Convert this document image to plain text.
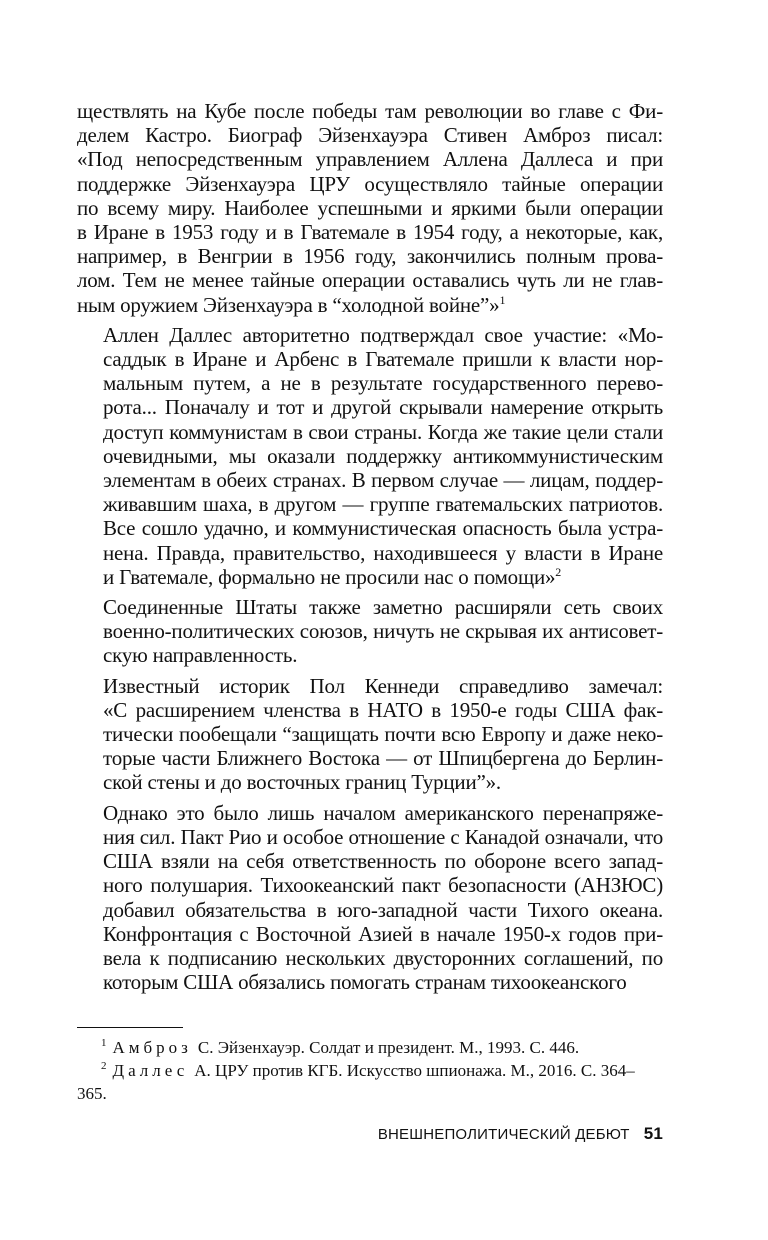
ществлять на Кубе после победы там революции во главе с Фи-
делем Кастро. Биограф Эйзенхауэра Стивен Амброз писал:
«Под непосредственным управлением Аллена Даллеса и при
поддержке Эйзенхауэра ЦРУ осуществляло тайные операции
по всему миру. Наиболее успешными и яркими были операции
в Иране в 1953 году и в Гватемале в 1954 году, а некоторые, как,
например, в Венгрии в 1956 году, закончились полным прова-
лом. Тем не менее тайные операции оставались чуть ли не глав-
ным оружием Эйзенхауэра в “холодной войне”»$^1$

Аллен Даллес авторитетно подтверждал свое участие: «Мо-
саддык в Иране и Арбенс в Гватемале пришли к власти нор-
мальным путем, а не в результате государственного перево-
рота... Поначалу и тот и другой скрывали намерение открыть
доступ коммунистам в свои страны. Когда же такие цели стали
очевидными, мы оказали поддержку антикоммунистическим
элементам в обеих странах. В первом случае — лицам, поддер-
живавшим шаха, в другом — группе гватемальских патриотов.
Все сошло удачно, и коммунистическая опасность была устра-
нена. Правда, правительство, находившееся у власти в Иране
и Гватемале, формально не просили нас о помощи»$^2$

Соединенные Штаты также заметно расширяли сеть своих
военно-политических союзов, ничуть не скрывая их антисовет-
скую направленность.

Известный историк Пол Кеннеди справедливо замечал:
«С расширением членства в НАТО в 1950-е годы США фак-
тически пообещали “защищать почти всю Европу и даже неко-
торые части Ближнего Востока — от Шпицбергена до Берлин-
ской стены и до восточных границ Турции”».

Однако это было лишь началом американского перенапряже-
ния сил. Пакт Рио и особое отношение с Канадой означали, что
США взяли на себя ответственность по обороне всего запад-
ного полушария. Тихоокеанский пакт безопасности (АНЗЮС)
добавил обязательства в юго-западной части Тихого океана.
Конфронтация с Восточной Азией в начале 1950-х годов при-
вела к подписанию нескольких двусторонних соглашений, по
которым США обязались помогать странам тихоокеанского

$^1$ Амброз С. Эйзенхауэр. Солдат и президент. М., 1993. С. 446.

$^2$ Даллес А. ЦРУ против КГБ. Искусство шпионажа. М., 2016. С. 364–365.

ВНЕШНЕПОЛИТИЧЕСКИЙ ДЕБЮТ 51
